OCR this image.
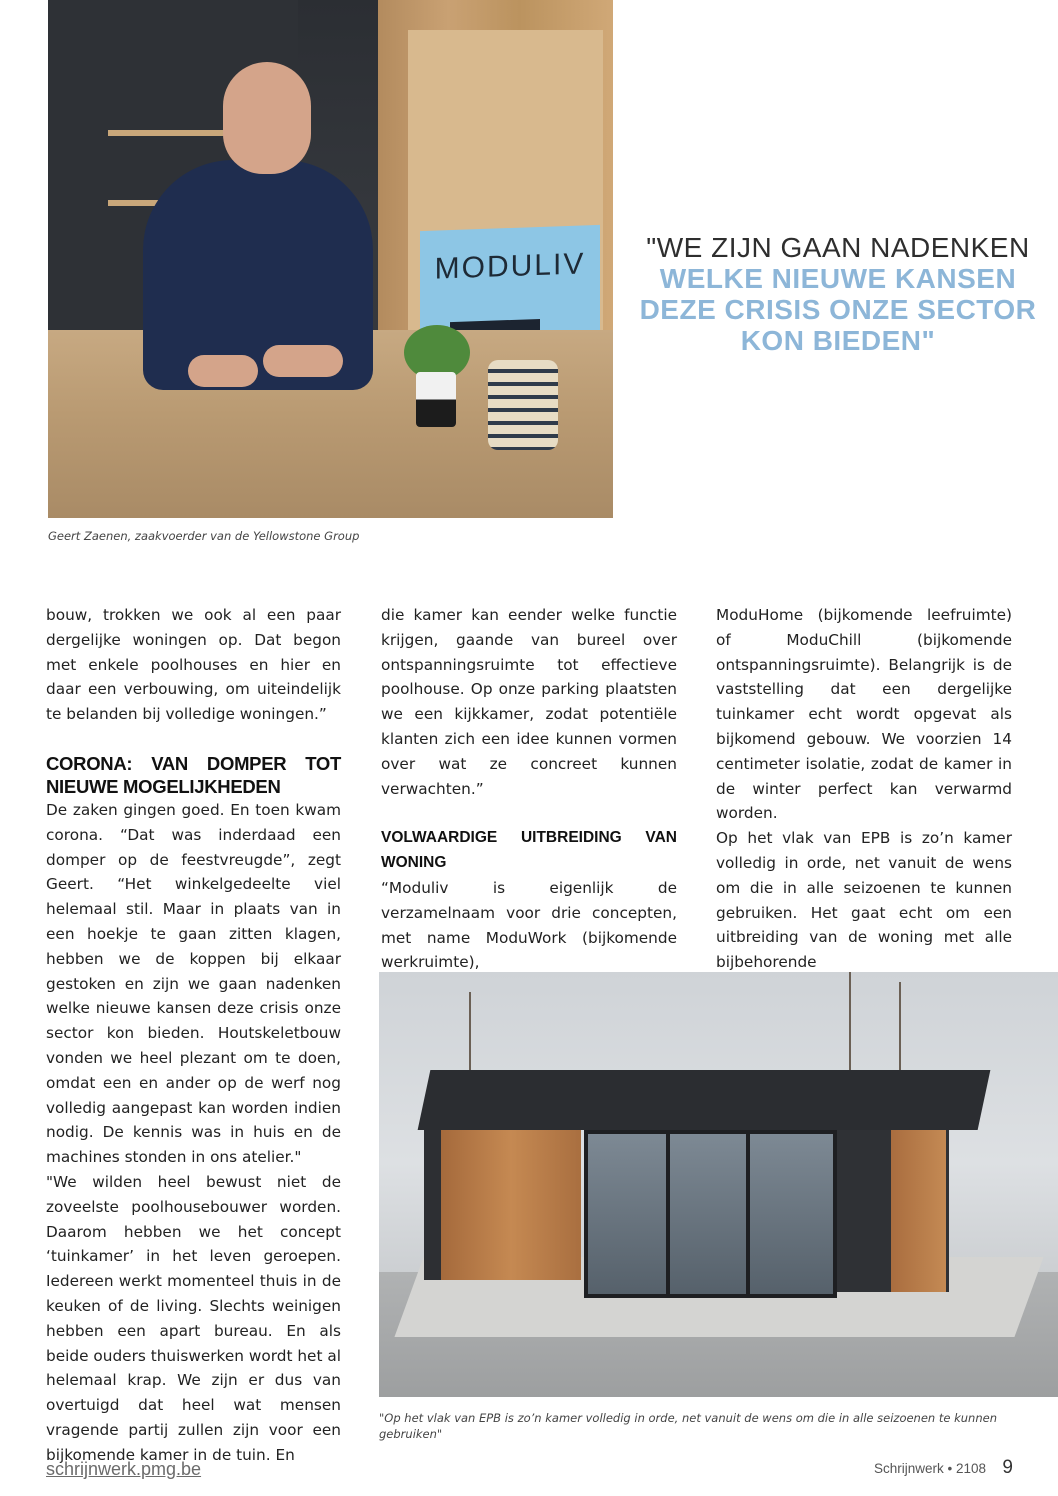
MODULIV	"WE ZIJN GAAN NADENKEN
WELKE NIEUWE KANSEN DEZE CRISIS ONZE SECTOR KON BIEDEN"
Geert Zaenen, zaakvoerder van de Yellowstone Group

bouw, trokken we ook al een paar dergelijke woningen op. Dat begon met enkele poolhouses en hier en daar een verbouwing, om uiteindelijk te belanden bij volledige woningen.”

CORONA: VAN DOMPER TOT NIEUWE MOGELIJKHEDEN

De zaken gingen goed. En toen kwam corona. “Dat was inderdaad een domper op de feestvreugde”, zegt Geert. “Het winkelgedeelte viel helemaal stil. Maar in plaats van in een hoekje te gaan zitten klagen, hebben we de koppen bij elkaar gestoken en zijn we gaan nadenken welke nieuwe kansen deze crisis onze sector kon bieden. Houtskeletbouw vonden we heel plezant om te doen, omdat een en ander op de werf nog volledig aangepast kan worden indien nodig. De kennis was in huis en de machines stonden in ons atelier."

"We wilden heel bewust niet de zoveelste poolhousebouwer worden. Daarom hebben we het concept ‘tuinkamer’ in het leven geroepen. Iedereen werkt momenteel thuis in de keuken of de living. Slechts weinigen hebben een apart bureau. En als beide ouders thuiswerken wordt het al helemaal krap. We zijn er dus van overtuigd dat heel wat mensen vragende partij zullen zijn voor een bijkomende kamer in de tuin. En

die kamer kan eender welke functie krijgen, gaande van bureel over ontspanningsruimte tot effectieve poolhouse. Op onze parking plaatsten we een kijkkamer, zodat potentiële klanten zich een idee kunnen vormen over wat ze concreet kunnen verwachten.”

VOLWAARDIGE UITBREIDING VAN WONING

“Moduliv is eigenlijk de verzamelnaam voor drie concepten, met name ModuWork (bijkomende werkruimte),

ModuHome (bijkomende leefruimte) of ModuChill (bijkomende ontspanningsruimte). Belangrijk is de vaststelling dat een dergelijke tuinkamer echt wordt opgevat als bijkomend gebouw. We voorzien 14 centimeter isolatie, zodat de kamer in de winter perfect kan verwarmd worden.

Op het vlak van EPB is zo’n kamer volledig in orde, net vanuit de wens om die in alle seizoenen te kunnen gebruiken. Het gaat echt om een uitbreiding van de woning met alle bijbehorende

"Op het vlak van EPB is zo’n kamer volledig in orde, net vanuit de wens om die in alle seizoenen te kunnen gebruiken"
schrijnwerk.pmg.be	Schrijnwerk • 2108 9
